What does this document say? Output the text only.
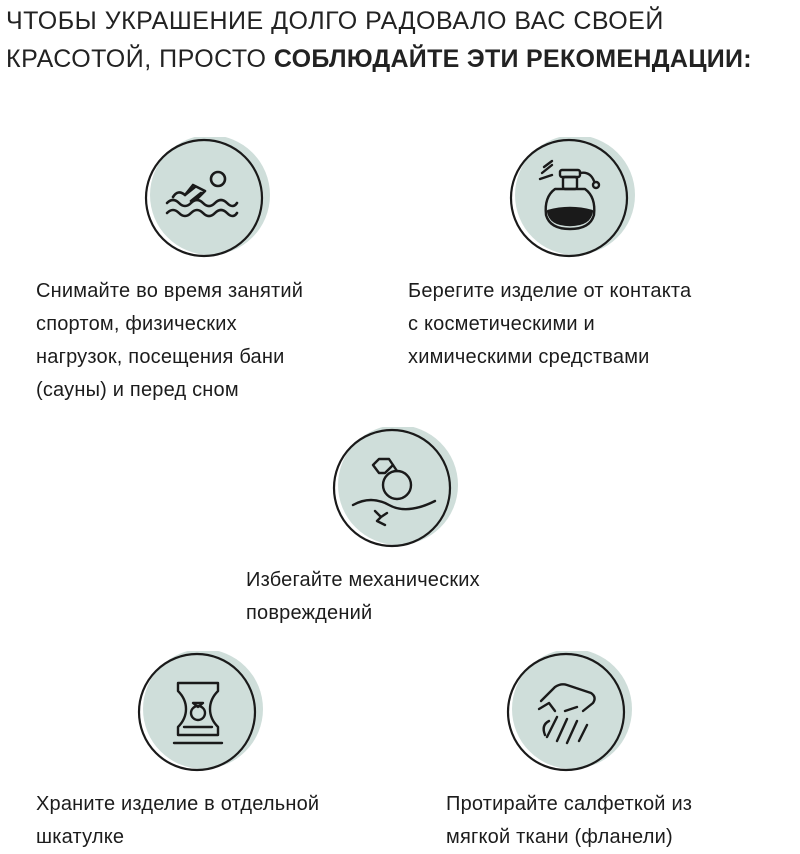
ЧТОБЫ УКРАШЕНИЕ ДОЛГО РАДОВАЛО ВАС СВОЕЙ
КРАСОТОЙ, ПРОСТО СОБЛЮДАЙТЕ ЭТИ РЕКОМЕНДАЦИИ:
Снимайте во время занятий
спортом, физических
нагрузок, посещения бани
(сауны) и перед сном
Берегите изделие от контакта
с косметическими и
химическими средствами
Избегайте механических
повреждений
Храните изделие в отдельной
шкатулке
Протирайте салфеткой из
мягкой ткани (фланели)
